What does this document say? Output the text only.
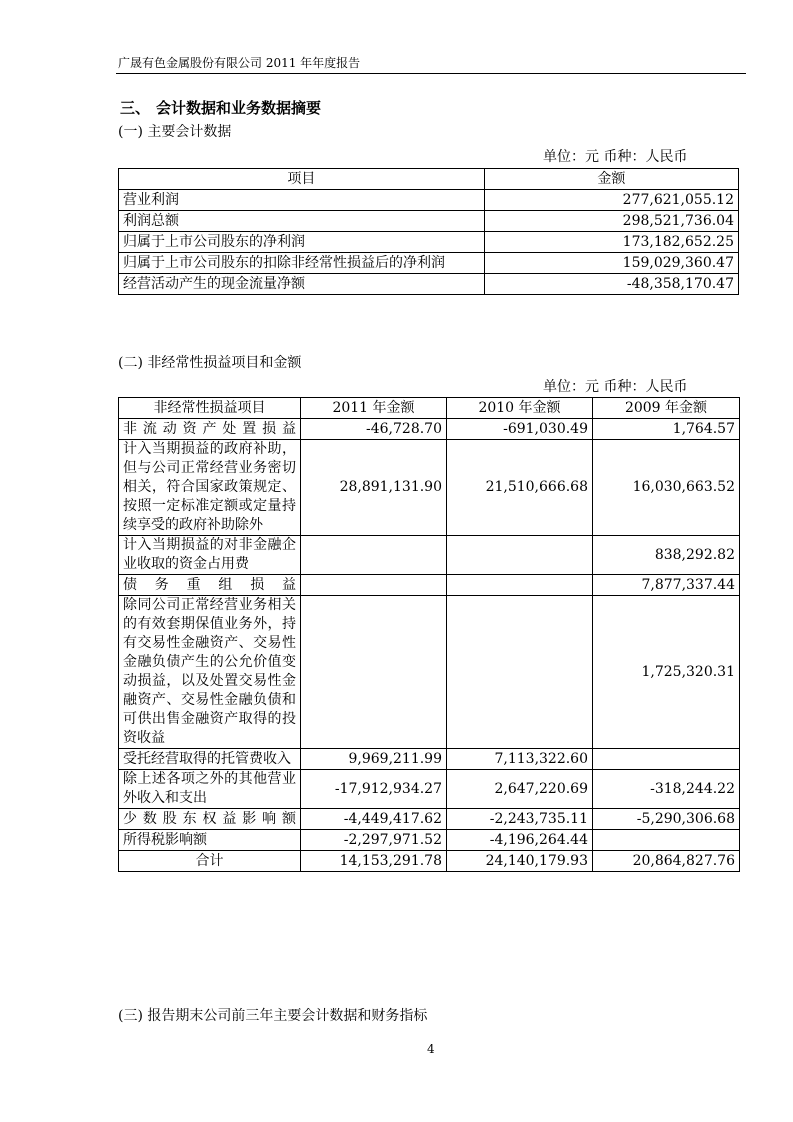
广晟有色金属股份有限公司 2011 年年度报告
三、 会计数据和业务数据摘要
(一) 主要会计数据
单位：元 币种：人民币
项目	金额
营业利润	277,621,055.12
利润总额	298,521,736.04
归属于上市公司股东的净利润	173,182,652.25
归属于上市公司股东的扣除非经常性损益后的净利润	159,029,360.47
经营活动产生的现金流量净额	-48,358,170.47
(二) 非经常性损益项目和金额
单位：元 币种：人民币
非经常性损益项目	2011 年金额	2010 年金额	2009 年金额
非流动资产处置损益	-46,728.70	-691,030.49	1,764.57
计入当期损益的政府补助，但与公司正常经营业务密切相关，符合国家政策规定、按照一定标准定额或定量持续享受的政府补助除外	28,891,131.90	21,510,666.68	16,030,663.52
计入当期损益的对非金融企业收取的资金占用费			838,292.82
债务重组损益			7,877,337.44
除同公司正常经营业务相关的有效套期保值业务外，持有交易性金融资产、交易性金融负债产生的公允价值变动损益，以及处置交易性金融资产、交易性金融负债和可供出售金融资产取得的投资收益			1,725,320.31
受托经营取得的托管费收入	9,969,211.99	7,113,322.60	
除上述各项之外的其他营业外收入和支出	-17,912,934.27	2,647,220.69	-318,244.22
少数股东权益影响额	-4,449,417.62	-2,243,735.11	-5,290,306.68
所得税影响额	-2,297,971.52	-4,196,264.44	
合计	14,153,291.78	24,140,179.93	20,864,827.76
(三) 报告期末公司前三年主要会计数据和财务指标
4
